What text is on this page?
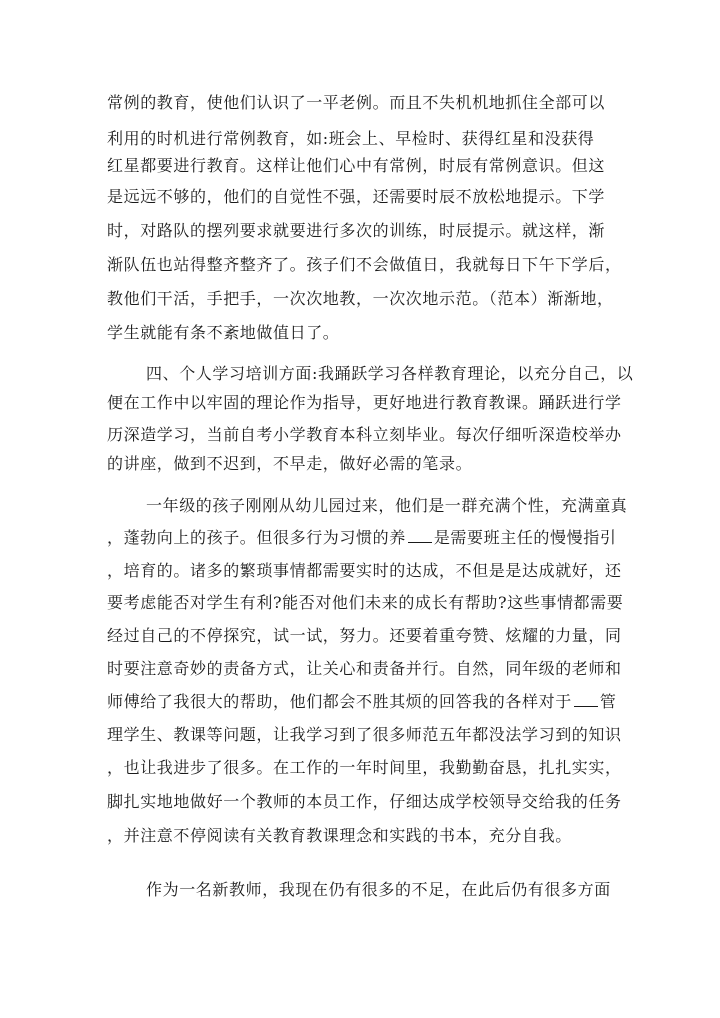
常例的教育，使他们认识了一平老例。而且不失机机地抓住全部可以
利用的时机进行常例教育，如:班会上、早检时、获得红星和没获得
红星都要进行教育。这样让他们心中有常例，时辰有常例意识。但这
是远远不够的，他们的自觉性不强，还需要时辰不放松地提示。下学
时，对路队的摆列要求就要进行多次的训练，时辰提示。就这样，渐
渐队伍也站得整齐整齐了。孩子们不会做值日，我就每日下午下学后，
教他们干活，手把手，一次次地教，一次次地示范。（范本）渐渐地，
学生就能有条不紊地做值日了。
四、个人学习培训方面:我踊跃学习各样教育理论，以充分自己，以
便在工作中以牢固的理论作为指导，更好地进行教育教课。踊跃进行学
历深造学习，当前自考小学教育本科立刻毕业。每次仔细听深造校举办
的讲座，做到不迟到，不早走，做好必需的笔录。
一年级的孩子刚刚从幼儿园过来，他们是一群充满个性，充满童真
，蓬勃向上的孩子。但很多行为习惯的养 是需要班主任的慢慢指引
，培育的。诸多的繁琐事情都需要实时的达成，不但是是达成就好，还
要考虑能否对学生有利?能否对他们未来的成长有帮助?这些事情都需要
经过自己的不停探究，试一试，努力。还要着重夸赞、炫耀的力量，同
时要注意奇妙的责备方式，让关心和责备并行。自然，同年级的老师和
师傅给了我很大的帮助，他们都会不胜其烦的回答我的各样对于 管
理学生、教课等问题，让我学习到了很多师范五年都没法学习到的知识
，也让我进步了很多。在工作的一年时间里，我勤勤奋恳，扎扎实实，
脚扎实地地做好一个教师的本员工作，仔细达成学校领导交给我的任务
，并注意不停阅读有关教育教课理念和实践的书本，充分自我。
作为一名新教师，我现在仍有很多的不足，在此后仍有很多方面
